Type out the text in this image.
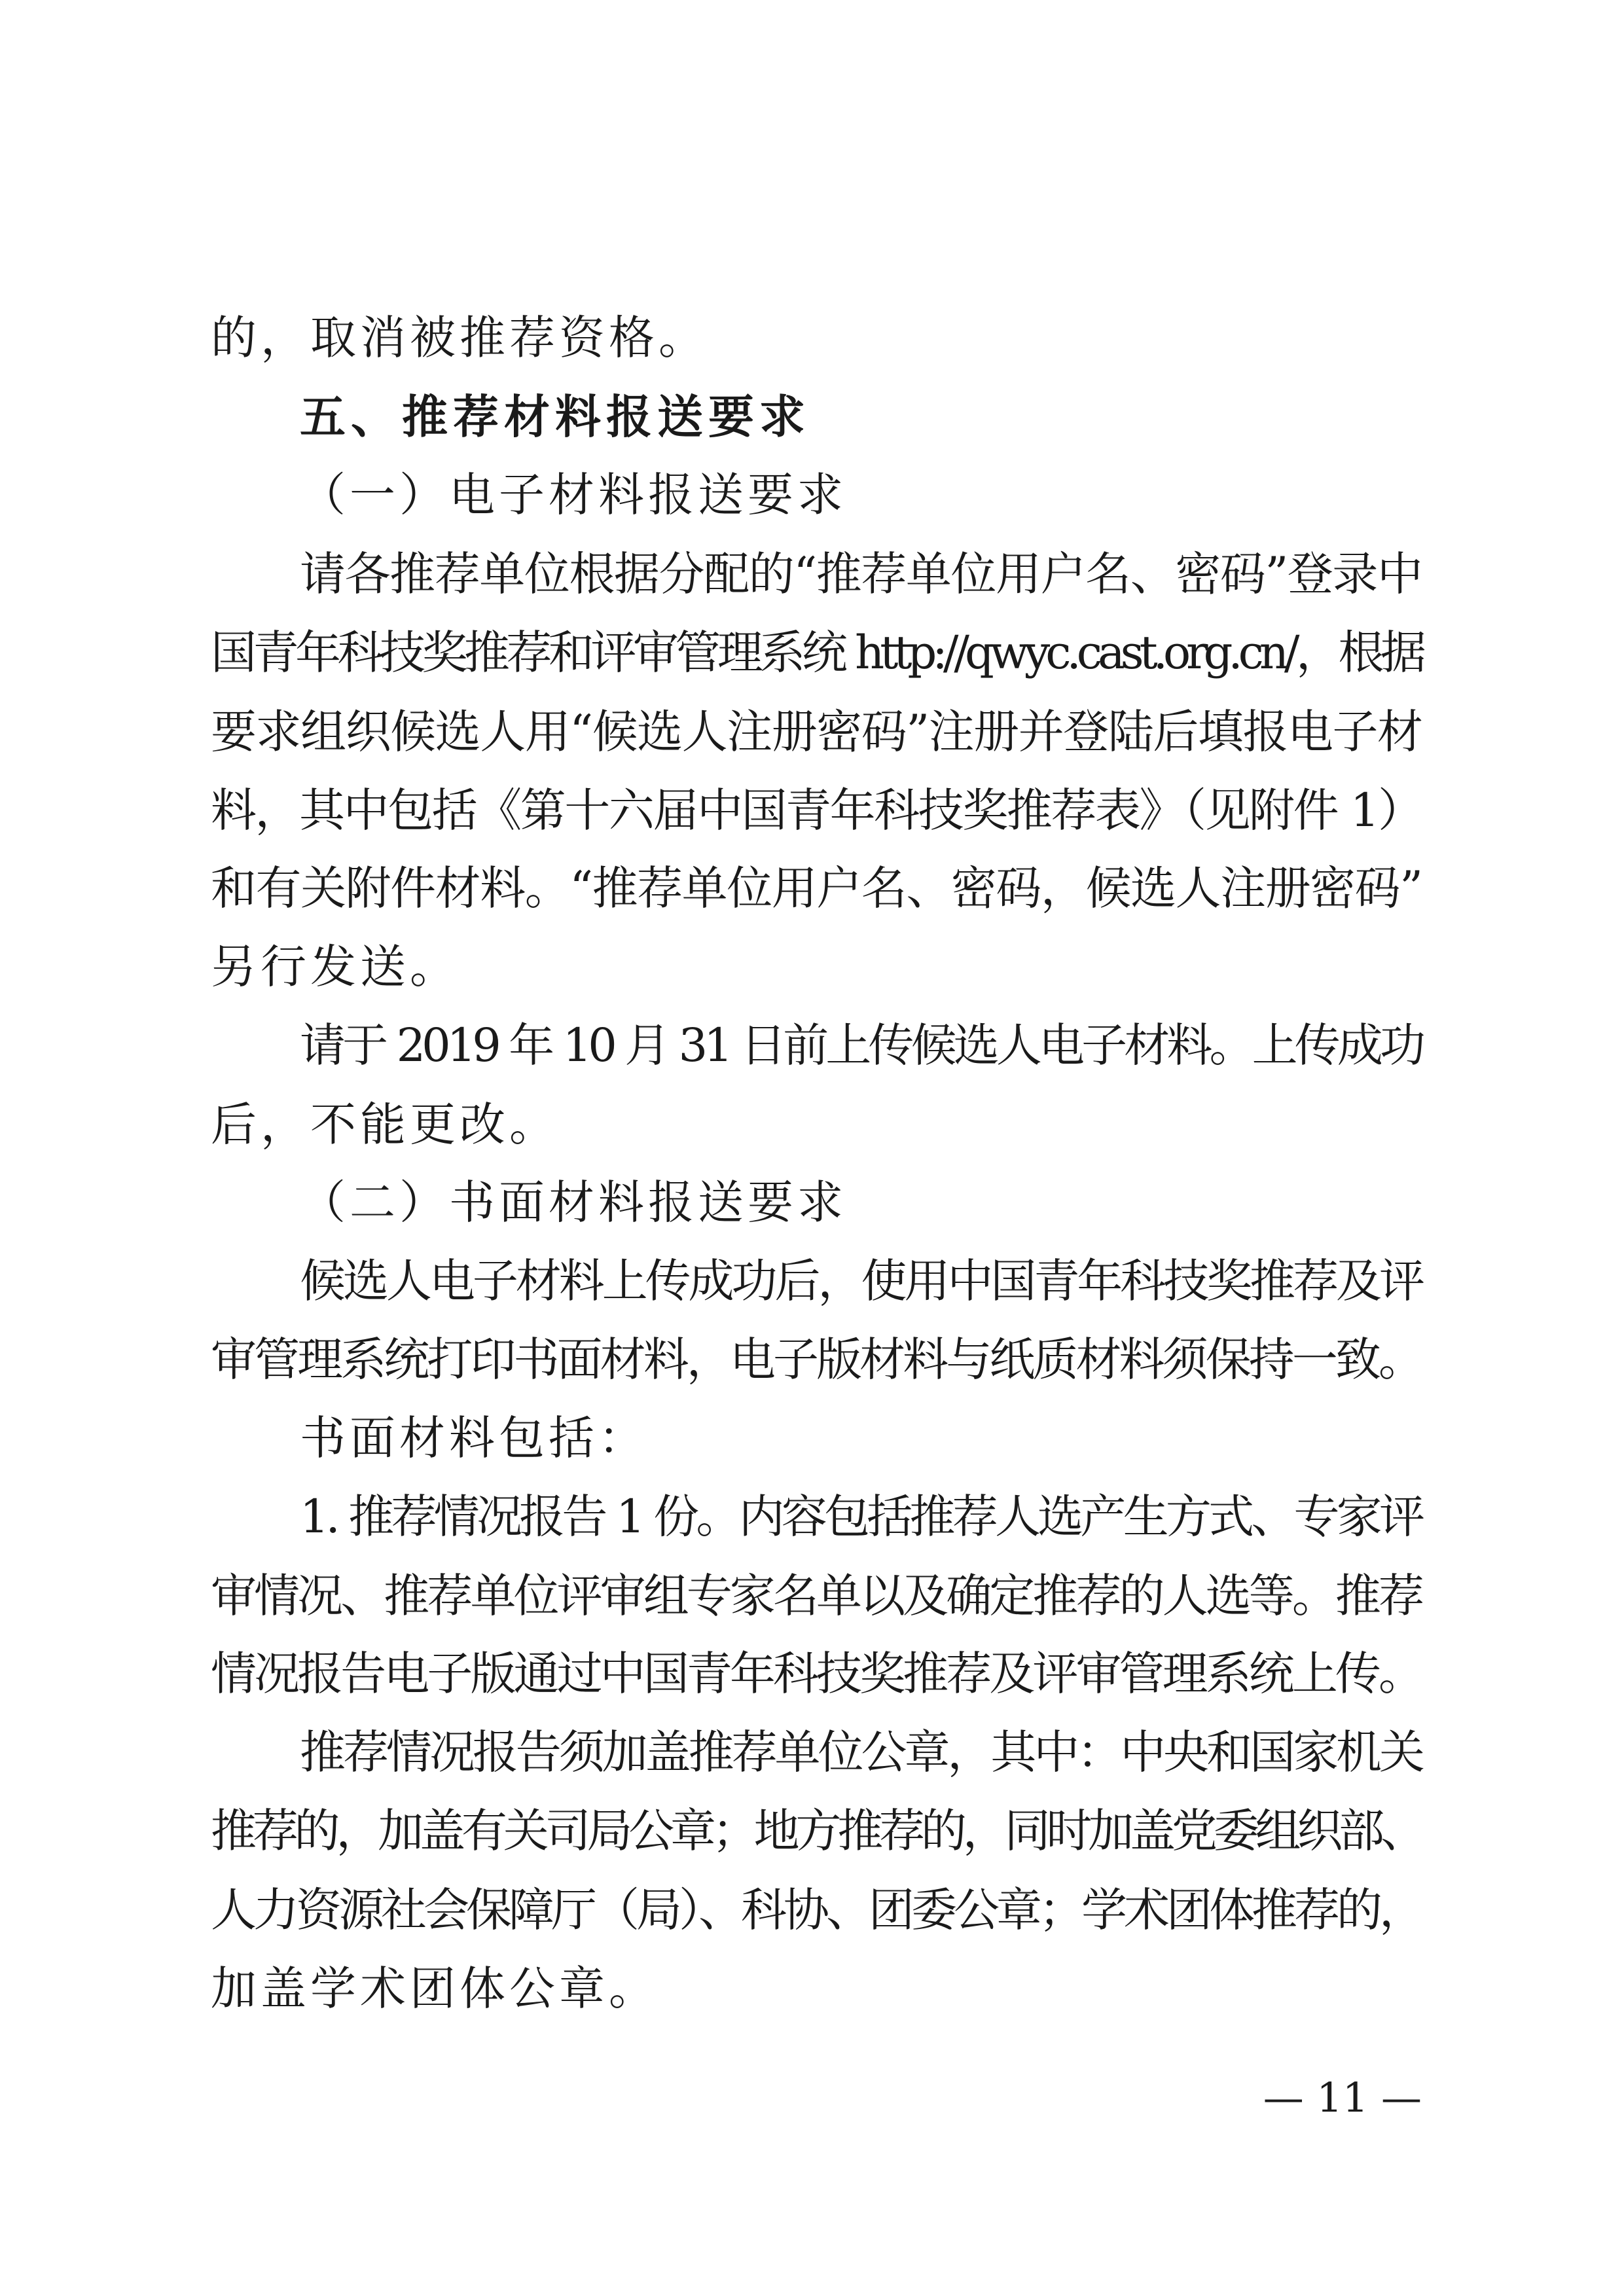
的，取消被推荐资格。
五、推荐材料报送要求
（一）电子材料报送要求
请各推荐单位根据分配的“推荐单位用户名、密码”登录中
国青年科技奖推荐和评审管理系统 http://qwyc.cast.org.cn/，根据
要求组织候选人用“候选人注册密码”注册并登陆后填报电子材
料，其中包括《第十六届中国青年科技奖推荐表》（见附件 1）
和有关附件材料。“推荐单位用户名、密码，候选人注册密码”
另行发送。
请于 2019 年 10 月 31 日前上传候选人电子材料。上传成功
后，不能更改。
（二）书面材料报送要求
候选人电子材料上传成功后，使用中国青年科技奖推荐及评
审管理系统打印书面材料，电子版材料与纸质材料须保持一致。
书面材料包括：
1. 推荐情况报告 1 份。内容包括推荐人选产生方式、专家评
审情况、推荐单位评审组专家名单以及确定推荐的人选等。推荐
情况报告电子版通过中国青年科技奖推荐及评审管理系统上传。
推荐情况报告须加盖推荐单位公章，其中：中央和国家机关
推荐的，加盖有关司局公章；地方推荐的，同时加盖党委组织部、
人力资源社会保障厅（局）、科协、团委公章；学术团体推荐的，
加盖学术团体公章。
— 11 —
